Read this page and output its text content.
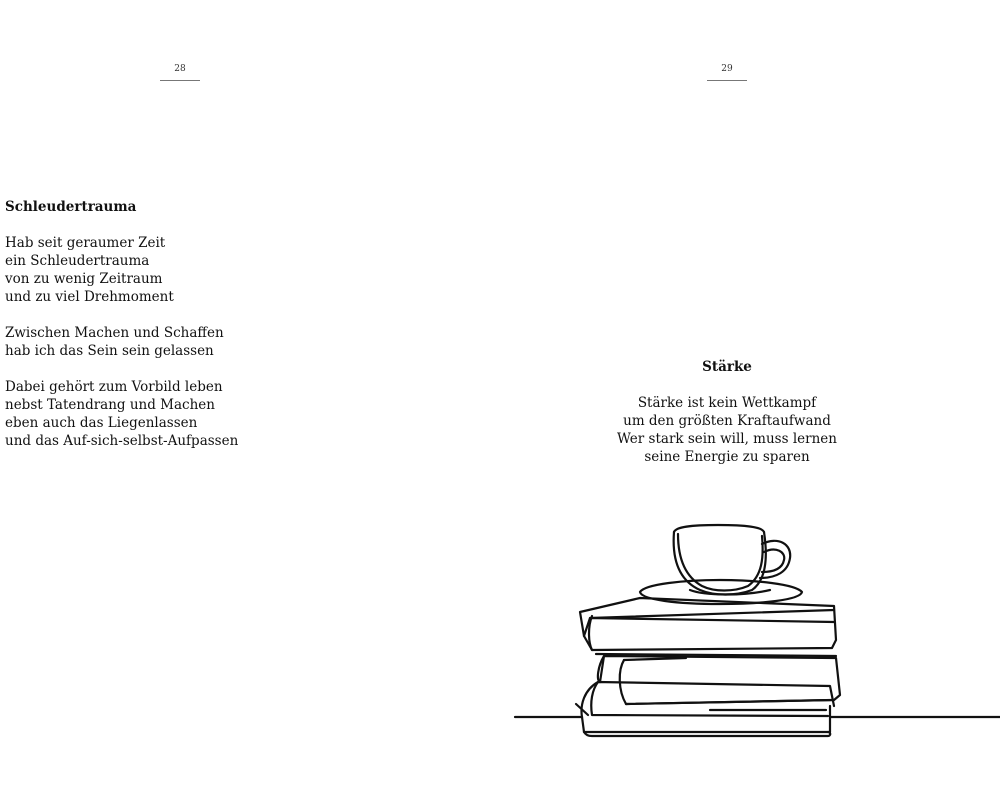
28
Schleudertrauma
Hab seit geraumer Zeit
ein Schleudertrauma
von zu wenig Zeitraum
und zu viel Drehmoment
Zwischen Machen und Schaffen
hab ich das Sein sein gelassen
Dabei gehört zum Vorbild leben
nebst Tatendrang und Machen
eben auch das Liegenlassen
und das Auf-sich-selbst-Aufpassen
29
Stärke
Stärke ist kein Wettkampf
um den größten Kraftaufwand
Wer stark sein will, muss lernen
seine Energie zu sparen
